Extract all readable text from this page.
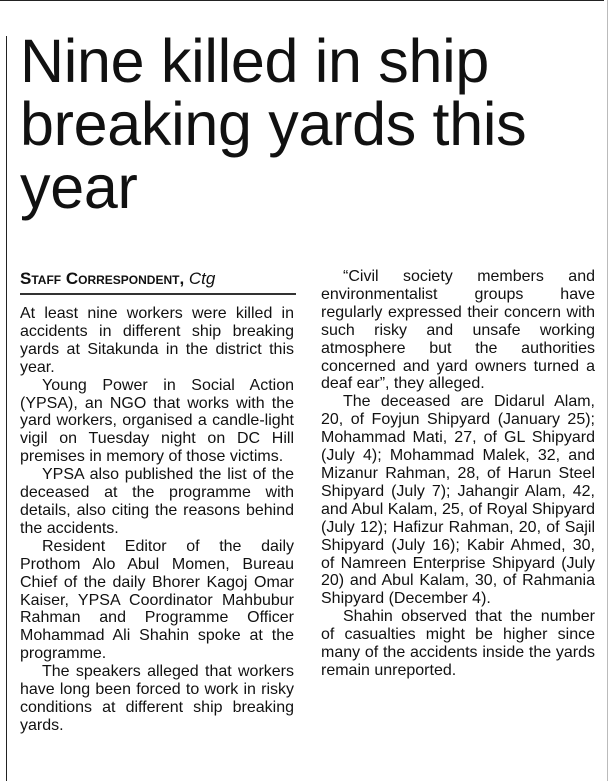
Nine killed in ship breaking yards this year
Staff Correspondent, Ctg

At least nine workers were killed in accidents in different ship breaking yards at Sitakunda in the district this year.

Young Power in Social Action (YPSA), an NGO that works with the yard workers, organised a candle-light vigil on Tuesday night on DC Hill premises in memory of those victims.

YPSA also published the list of the deceased at the programme with details, also citing the reasons behind the accidents.

Resident Editor of the daily Prothom Alo Abul Momen, Bureau Chief of the daily Bhorer Kagoj Omar Kaiser, YPSA Coordinator Mahbubur Rahman and Programme Officer Mohammad Ali Shahin spoke at the programme.

The speakers alleged that workers have long been forced to work in risky conditions at different ship breaking yards.

“Civil society members and environmentalist groups have regularly expressed their concern with such risky and unsafe working atmosphere but the authorities concerned and yard owners turned a deaf ear”, they alleged.

The deceased are Didarul Alam, 20, of Foyjun Shipyard (January 25); Mohammad Mati, 27, of GL Shipyard (July 4); Mohammad Malek, 32, and Mizanur Rahman, 28, of Harun Steel Shipyard (July 7); Jahangir Alam, 42, and Abul Kalam, 25, of Royal Shipyard (July 12); Hafizur Rahman, 20, of Sajil Shipyard (July 16); Kabir Ahmed, 30, of Namreen Enterprise Shipyard (July 20) and Abul Kalam, 30, of Rahmania Shipyard (December 4).

Shahin observed that the number of casualties might be higher since many of the accidents inside the yards remain unreported.
